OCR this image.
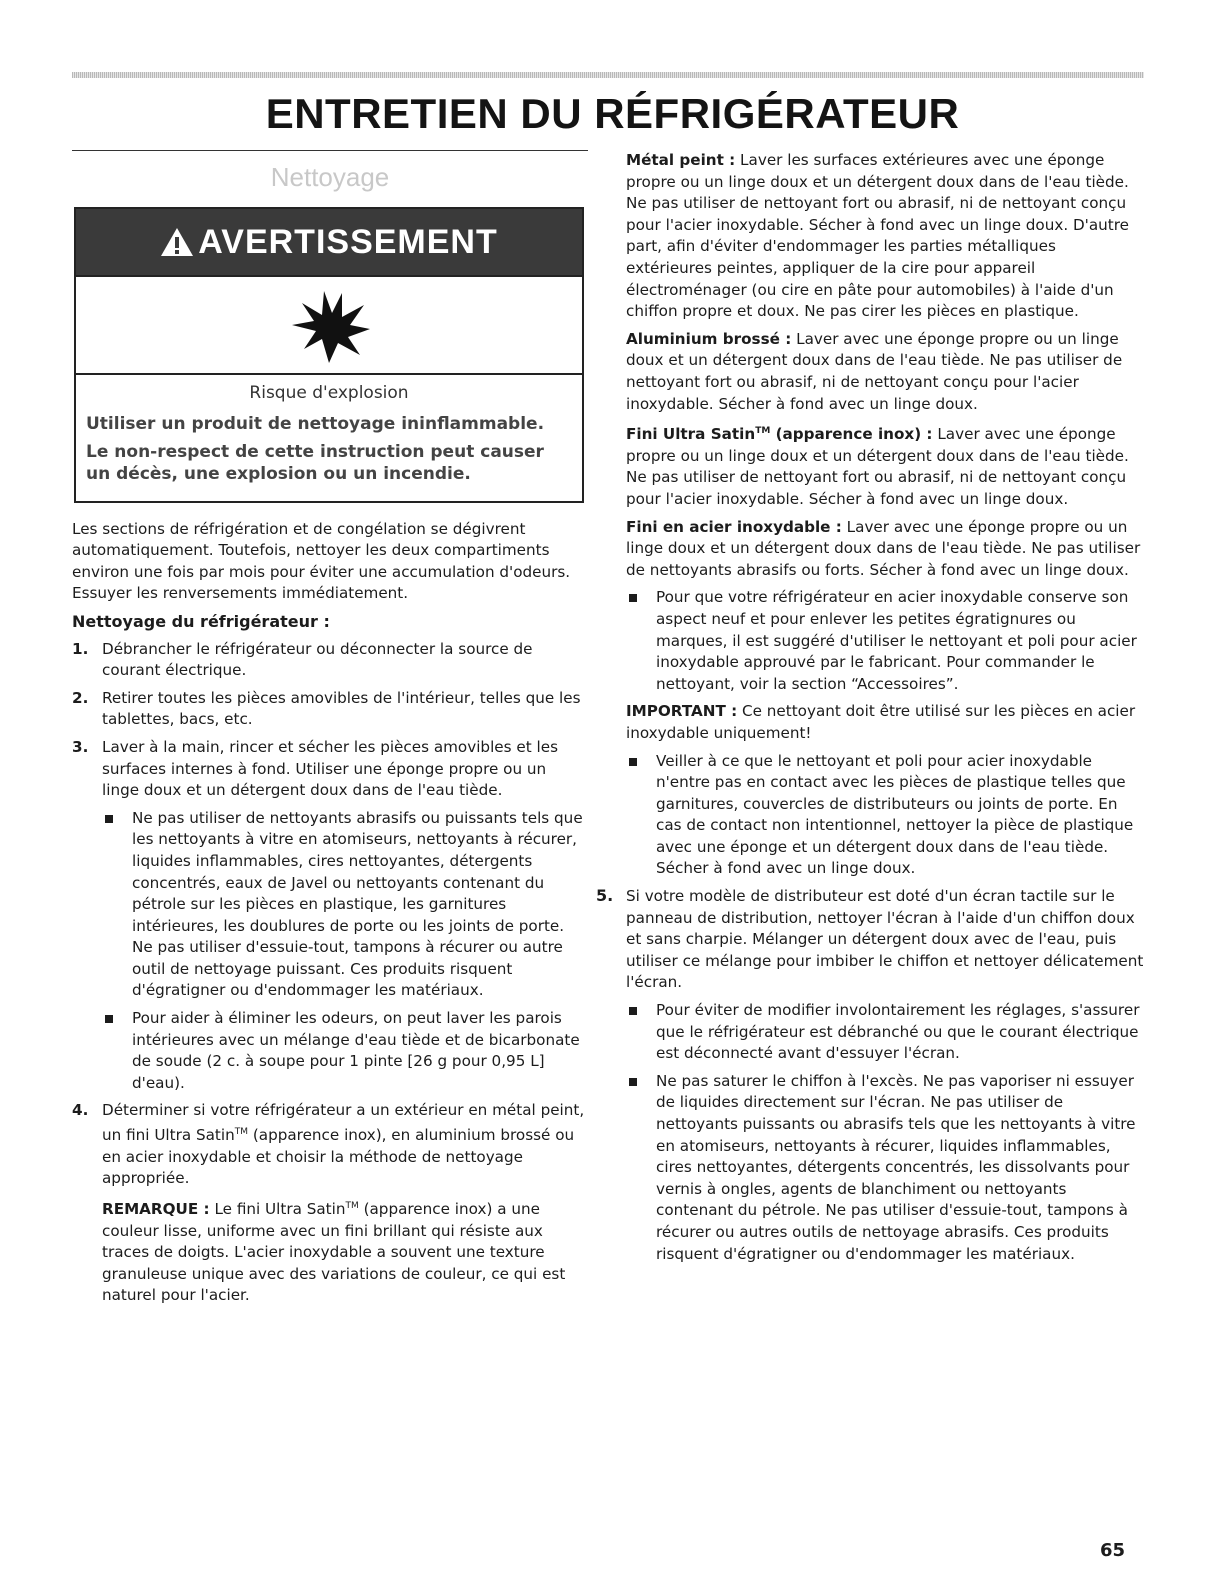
ENTRETIEN DU RÉFRIGÉRATEUR
Nettoyage
AVERTISSEMENT

Risque d'explosion

Utiliser un produit de nettoyage ininflammable.

Le non-respect de cette instruction peut causer un décès, une explosion ou un incendie.

Les sections de réfrigération et de congélation se dégivrent automatiquement. Toutefois, nettoyer les deux compartiments environ une fois par mois pour éviter une accumulation d'odeurs. Essuyer les renversements immédiatement.

Nettoyage du réfrigérateur :

1. Débrancher le réfrigérateur ou déconnecter la source de courant électrique.
2. Retirer toutes les pièces amovibles de l'intérieur, telles que les tablettes, bacs, etc.
3. Laver à la main, rincer et sécher les pièces amovibles et les surfaces internes à fond. Utiliser une éponge propre ou un linge doux et un détergent doux dans de l'eau tiède.
Ne pas utiliser de nettoyants abrasifs ou puissants tels que les nettoyants à vitre en atomiseurs, nettoyants à récurer, liquides inflammables, cires nettoyantes, détergents concentrés, eaux de Javel ou nettoyants contenant du pétrole sur les pièces en plastique, les garnitures intérieures, les doublures de porte ou les joints de porte. Ne pas utiliser d'essuie-tout, tampons à récurer ou autre outil de nettoyage puissant. Ces produits risquent d'égratigner ou d'endommager les matériaux.
Pour aider à éliminer les odeurs, on peut laver les parois intérieures avec un mélange d'eau tiède et de bicarbonate de soude (2 c. à soupe pour 1 pinte [26 g pour 0,95 L] d'eau).
4. Déterminer si votre réfrigérateur a un extérieur en métal peint, un fini Ultra Satin™ (apparence inox), en aluminium brossé ou en acier inoxydable et choisir la méthode de nettoyage appropriée.

REMARQUE : Le fini Ultra Satin™ (apparence inox) a une couleur lisse, uniforme avec un fini brillant qui résiste aux traces de doigts. L'acier inoxydable a souvent une texture granuleuse unique avec des variations de couleur, ce qui est naturel pour l'acier.

Métal peint : Laver les surfaces extérieures avec une éponge propre ou un linge doux et un détergent doux dans de l'eau tiède. Ne pas utiliser de nettoyant fort ou abrasif, ni de nettoyant conçu pour l'acier inoxydable. Sécher à fond avec un linge doux. D'autre part, afin d'éviter d'endommager les parties métalliques extérieures peintes, appliquer de la cire pour appareil électroménager (ou cire en pâte pour automobiles) à l'aide d'un chiffon propre et doux. Ne pas cirer les pièces en plastique.

Aluminium brossé : Laver avec une éponge propre ou un linge doux et un détergent doux dans de l'eau tiède. Ne pas utiliser de nettoyant fort ou abrasif, ni de nettoyant conçu pour l'acier inoxydable. Sécher à fond avec un linge doux.

Fini Ultra Satin™ (apparence inox) : Laver avec une éponge propre ou un linge doux et un détergent doux dans de l'eau tiède. Ne pas utiliser de nettoyant fort ou abrasif, ni de nettoyant conçu pour l'acier inoxydable. Sécher à fond avec un linge doux.

Fini en acier inoxydable : Laver avec une éponge propre ou un linge doux et un détergent doux dans de l'eau tiède. Ne pas utiliser de nettoyants abrasifs ou forts. Sécher à fond avec un linge doux.

Pour que votre réfrigérateur en acier inoxydable conserve son aspect neuf et pour enlever les petites égratignures ou marques, il est suggéré d'utiliser le nettoyant et poli pour acier inoxydable approuvé par le fabricant. Pour commander le nettoyant, voir la section “Accessoires”.

IMPORTANT : Ce nettoyant doit être utilisé sur les pièces en acier inoxydable uniquement!

Veiller à ce que le nettoyant et poli pour acier inoxydable n'entre pas en contact avec les pièces de plastique telles que garnitures, couvercles de distributeurs ou joints de porte. En cas de contact non intentionnel, nettoyer la pièce de plastique avec une éponge et un détergent doux dans de l'eau tiède. Sécher à fond avec un linge doux.
5. Si votre modèle de distributeur est doté d'un écran tactile sur le panneau de distribution, nettoyer l'écran à l'aide d'un chiffon doux et sans charpie. Mélanger un détergent doux avec de l'eau, puis utiliser ce mélange pour imbiber le chiffon et nettoyer délicatement l'écran.

Pour éviter de modifier involontairement les réglages, s'assurer que le réfrigérateur est débranché ou que le courant électrique est déconnecté avant d'essuyer l'écran.
Ne pas saturer le chiffon à l'excès. Ne pas vaporiser ni essuyer de liquides directement sur l'écran. Ne pas utiliser de nettoyants puissants ou abrasifs tels que les nettoyants à vitre en atomiseurs, nettoyants à récurer, liquides inflammables, cires nettoyantes, détergents concentrés, les dissolvants pour vernis à ongles, agents de blanchiment ou nettoyants contenant du pétrole. Ne pas utiliser d'essuie-tout, tampons à récurer ou autres outils de nettoyage abrasifs. Ces produits risquent d'égratigner ou d'endommager les matériaux.
65
